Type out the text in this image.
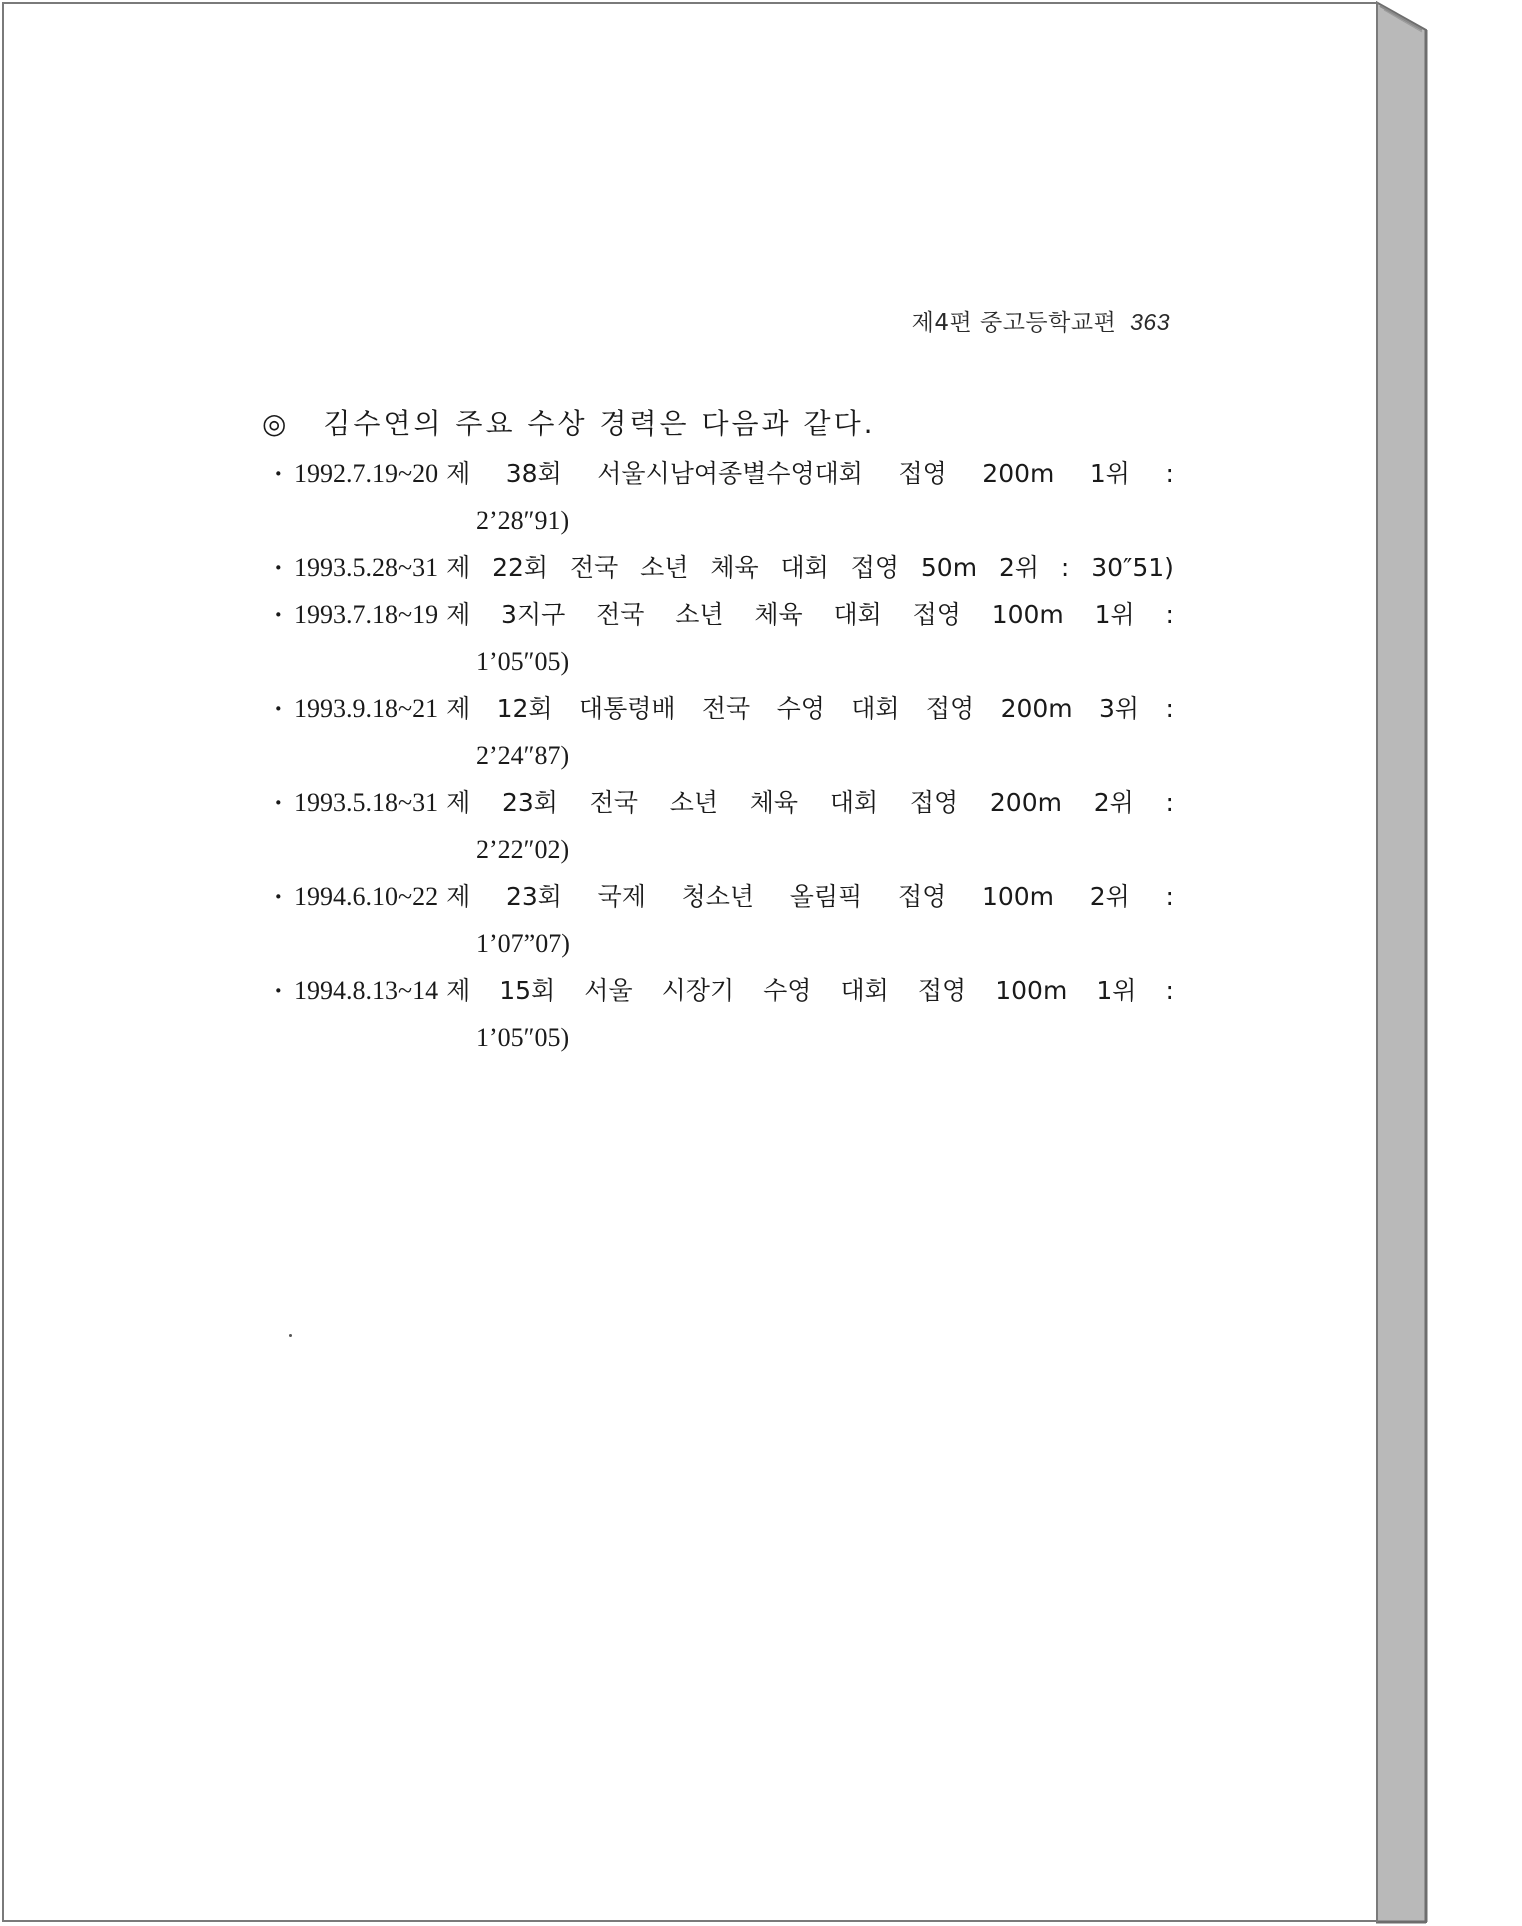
제4편 중고등학교편 363
◎ 김수연의 주요 수상 경력은 다음과 같다.
· 1992.7.19~20 제 38회 서울시남여종별수영대회 접영 200m 1위 :
2’28″91)
· 1993.5.28~31 제 22회 전국 소년 체육 대회 접영 50m 2위 : 30″51)
· 1993.7.18~19 제 3지구 전국 소년 체육 대회 접영 100m 1위 :
1’05″05)
· 1993.9.18~21 제 12회 대통령배 전국 수영 대회 접영 200m 3위 :
2’24″87)
· 1993.5.18~31 제 23회 전국 소년 체육 대회 접영 200m 2위 :
2’22″02)
· 1994.6.10~22 제 23회 국제 청소년 올림픽 접영 100m 2위 :
1’07”07)
· 1994.8.13~14 제 15회 서울 시장기 수영 대회 접영 100m 1위 :
1’05″05)
